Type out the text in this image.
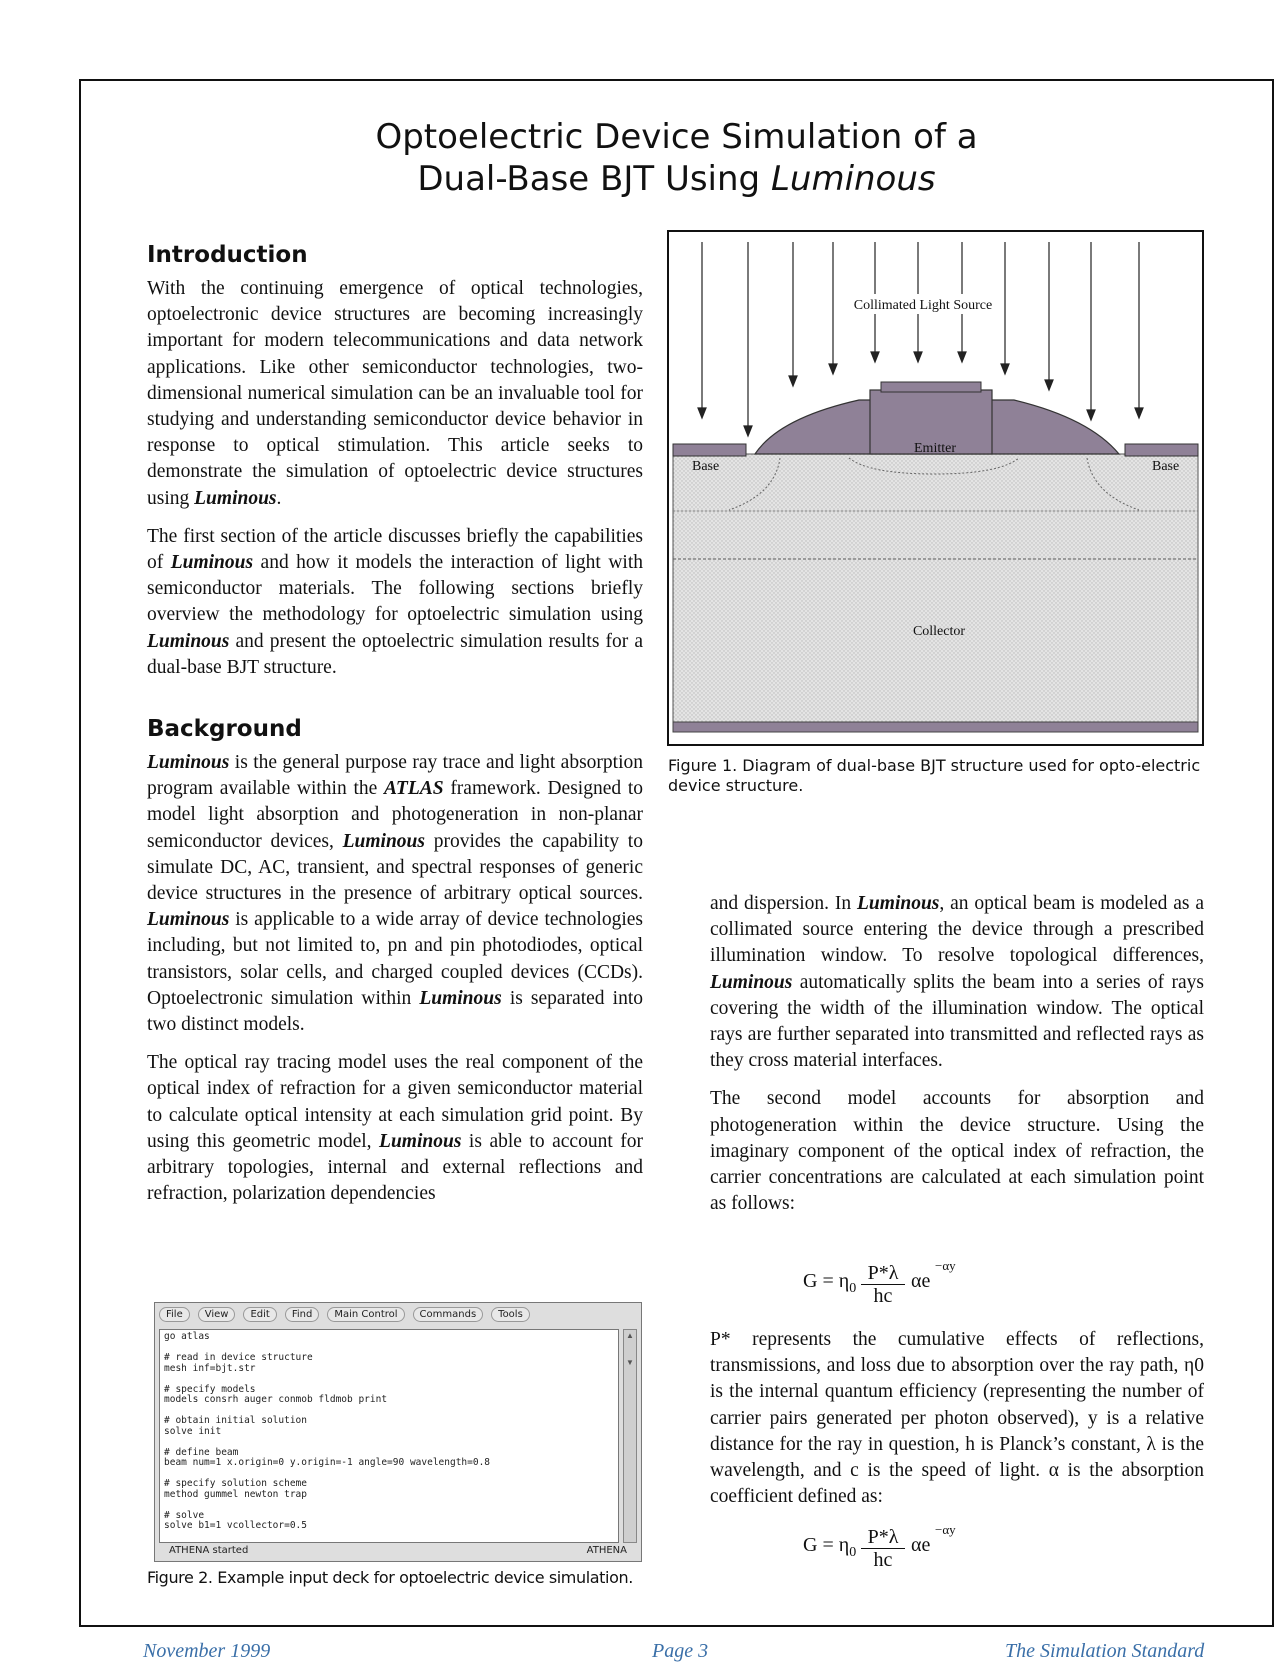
Optoelectric Device Simulation of a
Dual-Base BJT Using Luminous
Introduction

With the continuing emergence of optical technologies, optoelectronic device structures are becoming increasingly important for modern telecommunications and data network applications. Like other semiconductor technologies, two-dimensional numerical simulation can be an invaluable tool for studying and understanding semiconductor device behavior in response to optical stimulation. This article seeks to demonstrate the simulation of optoelectric device structures using Luminous.

The first section of the article discusses briefly the capabilities of Luminous and how it models the interaction of light with semiconductor materials. The following sections briefly overview the methodology for optoelectric simulation using Luminous and present the optoelectric simulation results for a dual-base BJT structure.

Background

Luminous is the general purpose ray trace and light absorption program available within the ATLAS framework. Designed to model light absorption and photogeneration in non-planar semiconductor devices, Luminous provides the capability to simulate DC, AC, transient, and spectral responses of generic device structures in the presence of arbitrary optical sources. Luminous is applicable to a wide array of device technologies including, but not limited to, pn and pin photodiodes, optical transistors, solar cells, and charged coupled devices (CCDs). Optoelectronic simulation within Luminous is separated into two distinct models.

The optical ray tracing model uses the real component of the optical index of refraction for a given semiconductor material to calculate optical intensity at each simulation grid point. By using this geometric model, Luminous is able to account for arbitrary topologies, internal and external reflections and refraction, polarization dependencies

Collimated Light Source
Emitter
Base	Base
Collector
Figure 1. Diagram of dual-base BJT structure used for opto-electric device structure.

and dispersion. In Luminous, an optical beam is modeled as a collimated source entering the device through a prescribed illumination window. To resolve topological differences, Luminous automatically splits the beam into a series of rays covering the width of the illumination window. The optical rays are further separated into transmitted and reflected rays as they cross material interfaces.

The second model accounts for absorption and photogeneration within the device structure. Using the imaginary component of the optical index of refraction, the carrier concentrations are calculated at each simulation point as follows:

$G = \eta_0$
$\frac{P*\lambda}{hc}$
αe
−αy

P* represents the cumulative effects of reflections, transmissions, and loss due to absorption over the ray path, η0 is the internal quantum efficiency (representing the number of carrier pairs generated per photon observed), y is a relative distance for the ray in question, h is Planck’s constant, λ is the wavelength, and c is the speed of light. α is the absorption coefficient defined as:

$G = \eta_0$
$\frac{P*\lambda}{hc}$
αe
−αy
File	View	Edit	Find	Main Control	Commands	Tools
go atlas

# read in device structure
mesh inf=bjt.str

# specify models
models consrh auger conmob fldmob print

# obtain initial solution
solve init

# define beam
beam num=1 x.origin=0 y.origin=-1 angle=90 wavelength=0.8

# specify solution scheme
method gummel newton trap

# solve
solve b1=1 vcollector=0.5
▲
▼
ATHENA started	ATHENA
Figure 2. Example input deck for optoelectric device simulation.
November 1999	Page 3	The Simulation Standard
